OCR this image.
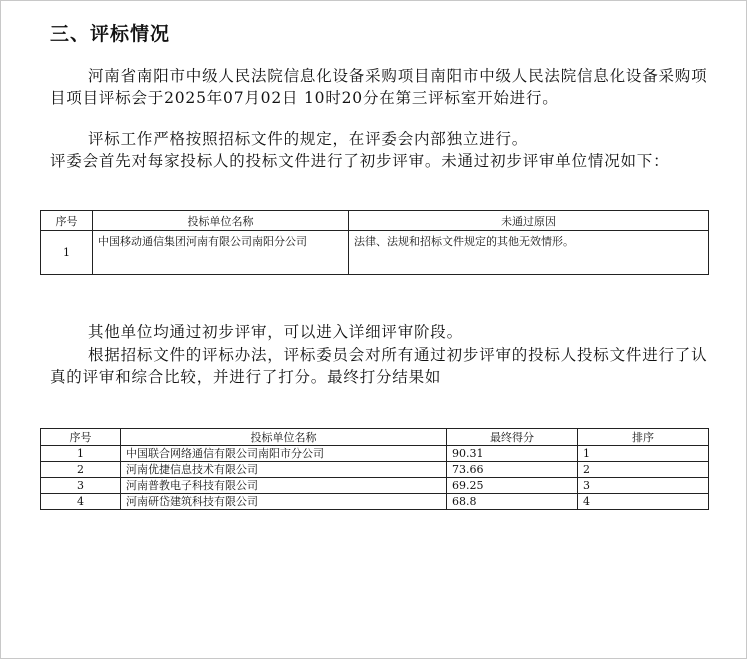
三、评标情况
河南省南阳市中级人民法院信息化设备采购项目南阳市中级人民法院信息化设备采购项目项目评标会于2025年07月02日 10时20分在第三评标室开始进行。
评标工作严格按照招标文件的规定，在评委会内部独立进行。
评委会首先对每家投标人的投标文件进行了初步评审。未通过初步评审单位情况如下：
序号	投标单位名称	未通过原因
1	中国移动通信集团河南有限公司南阳分公司	法律、法规和招标文件规定的其他无效情形。
其他单位均通过初步评审，可以进入详细评审阶段。
根据招标文件的评标办法，评标委员会对所有通过初步评审的投标人投标文件进行了认真的评审和综合比较，并进行了打分。最终打分结果如
序号	投标单位名称	最终得分	排序
1	中国联合网络通信有限公司南阳市分公司	90.31	1
2	河南优捷信息技术有限公司	73.66	2
3	河南普教电子科技有限公司	69.25	3
4	河南研岱建筑科技有限公司	68.8	4
